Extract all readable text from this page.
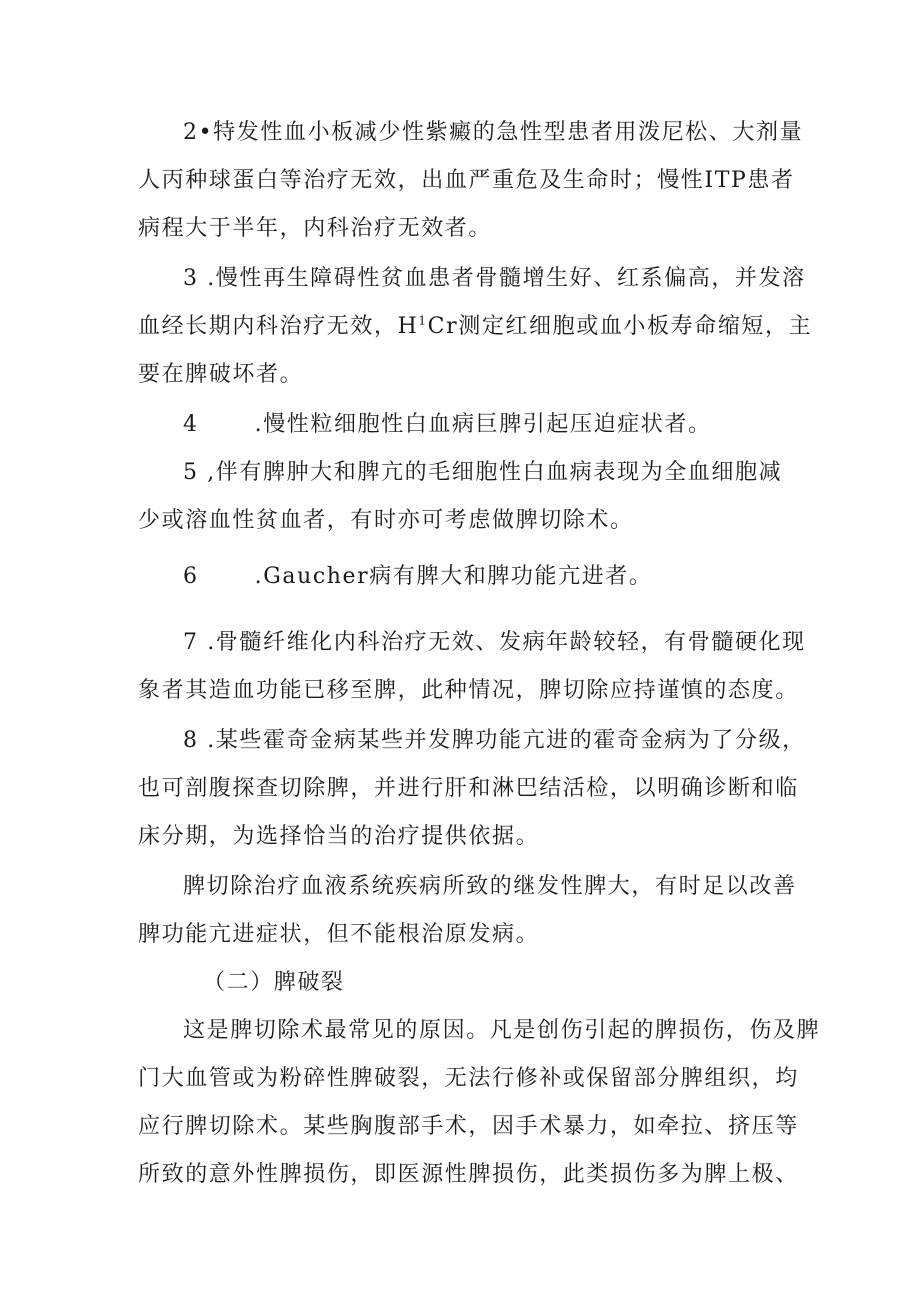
2•特发性血小板减少性紫癜的急性型患者用泼尼松、大剂量
人丙种球蛋白等治疗无效，出血严重危及生命时；慢性ITP患者
病程大于半年，内科治疗无效者。
3 .慢性再生障碍性贫血患者骨髓增生好、红系偏高，并发溶
血经长期内科治疗无效，$H^1Cr$测定红细胞或血小板寿命缩短，主
要在脾破坏者。
4	.慢性粒细胞性白血病巨脾引起压迫症状者。
5 ,伴有脾肿大和脾亢的毛细胞性白血病表现为全血细胞减
少或溶血性贫血者，有时亦可考虑做脾切除术。
6	.Gaucher病有脾大和脾功能亢进者。
7 .骨髓纤维化内科治疗无效、发病年龄较轻，有骨髓硬化现
象者其造血功能已移至脾，此种情况，脾切除应持谨慎的态度。
8 .某些霍奇金病某些并发脾功能亢进的霍奇金病为了分级，
也可剖腹探查切除脾，并进行肝和淋巴结活检，以明确诊断和临
床分期，为选择恰当的治疗提供依据。
脾切除治疗血液系统疾病所致的继发性脾大，有时足以改善
脾功能亢进症状，但不能根治原发病。
（二）脾破裂
这是脾切除术最常见的原因。凡是创伤引起的脾损伤，伤及脾
门大血管或为粉碎性脾破裂，无法行修补或保留部分脾组织，均
应行脾切除术。某些胸腹部手术，因手术暴力，如牵拉、挤压等
所致的意外性脾损伤，即医源性脾损伤，此类损伤多为脾上极、
